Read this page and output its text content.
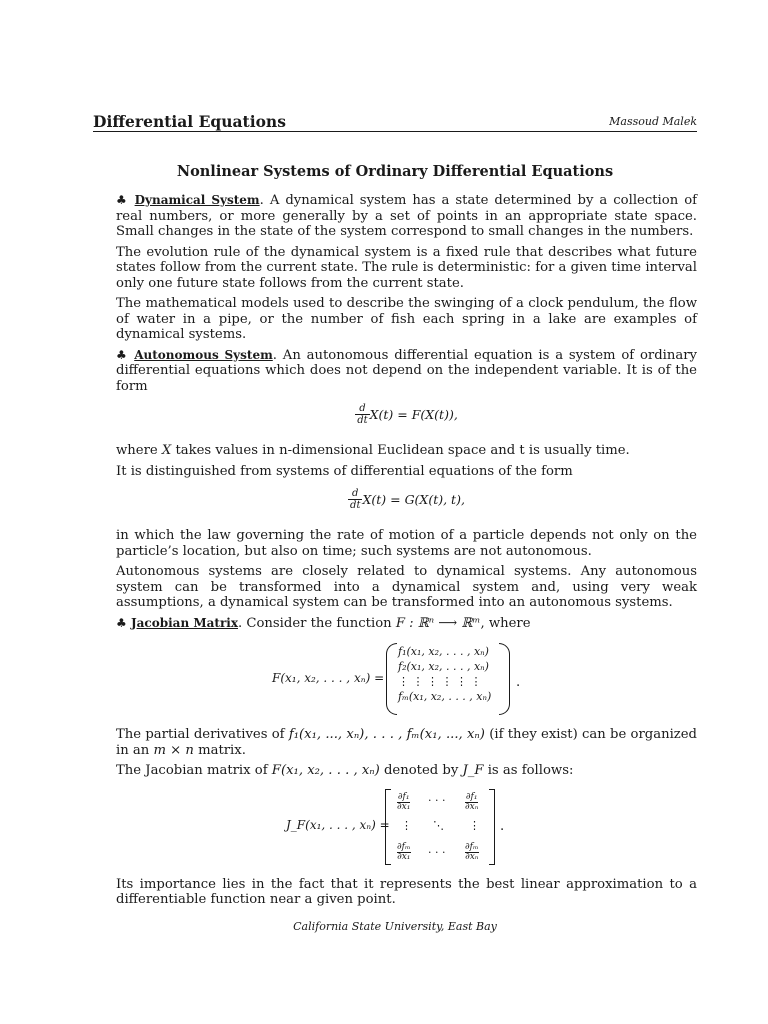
Differential Equations	Massoud Malek
Nonlinear Systems of Ordinary Differential Equations

♣ Dynamical System. A dynamical system has a state determined by a collection of real numbers, or more generally by a set of points in an appropriate state space. Small changes in the state of the system correspond to small changes in the numbers.

The evolution rule of the dynamical system is a fixed rule that describes what future states follow from the current state. The rule is deterministic: for a given time interval only one future state follows from the current state.

The mathematical models used to describe the swinging of a clock pendulum, the flow of water in a pipe, or the number of fish each spring in a lake are examples of dynamical systems.

♣ Autonomous System. An autonomous differential equation is a system of ordinary differential equations which does not depend on the independent variable. It is of the form

$\frac{d}{dt} X(t) = F(X(t))$,

where X takes values in n-dimensional Euclidean space and t is usually time.

It is distinguished from systems of differential equations of the form

$\frac{d}{dt} X(t) = G(X(t)$, t),

in which the law governing the rate of motion of a particle depends not only on the particle’s location, but also on time; such systems are not autonomous.

Autonomous systems are closely related to dynamical systems. Any autonomous system can be transformed into a dynamical system and, using very weak assumptions, a dynamical system can be transformed into an autonomous systems.

♣ Jacobian Matrix. Consider the function F : ℝⁿ ⟶ ℝᵐ, where

F(x₁, x₂, . . . , xₙ) =
f₁(x₁, x₂, . . . , xₙ)
f₂(x₁, x₂, . . . , xₙ)
⋮ ⋮ ⋮ ⋮ ⋮ ⋮
fₘ(x₁, x₂, . . . , xₙ)
.

The partial derivatives of f₁(x₁, ..., xₙ), . . . , fₘ(x₁, ..., xₙ) (if they exist) can be organized in an m × n matrix.

The Jacobian matrix of F(x₁, x₂, . . . , xₙ) denoted by J_F is as follows:

J_F(x₁, . . . , xₙ) =
$\frac{\text{∂f₁}}{\text{∂x₁}}$ · · · $\frac{\text{∂f₁}}{\text{∂xₙ}}$
⋮ ⋱ ⋮
$\frac{\text{∂fₘ}}{\text{∂x₁}}$ · · · $\frac{\text{∂fₘ}}{\text{∂xₙ}}$
.

Its importance lies in the fact that it represents the best linear approximation to a differentiable function near a given point.

California State University, East Bay
